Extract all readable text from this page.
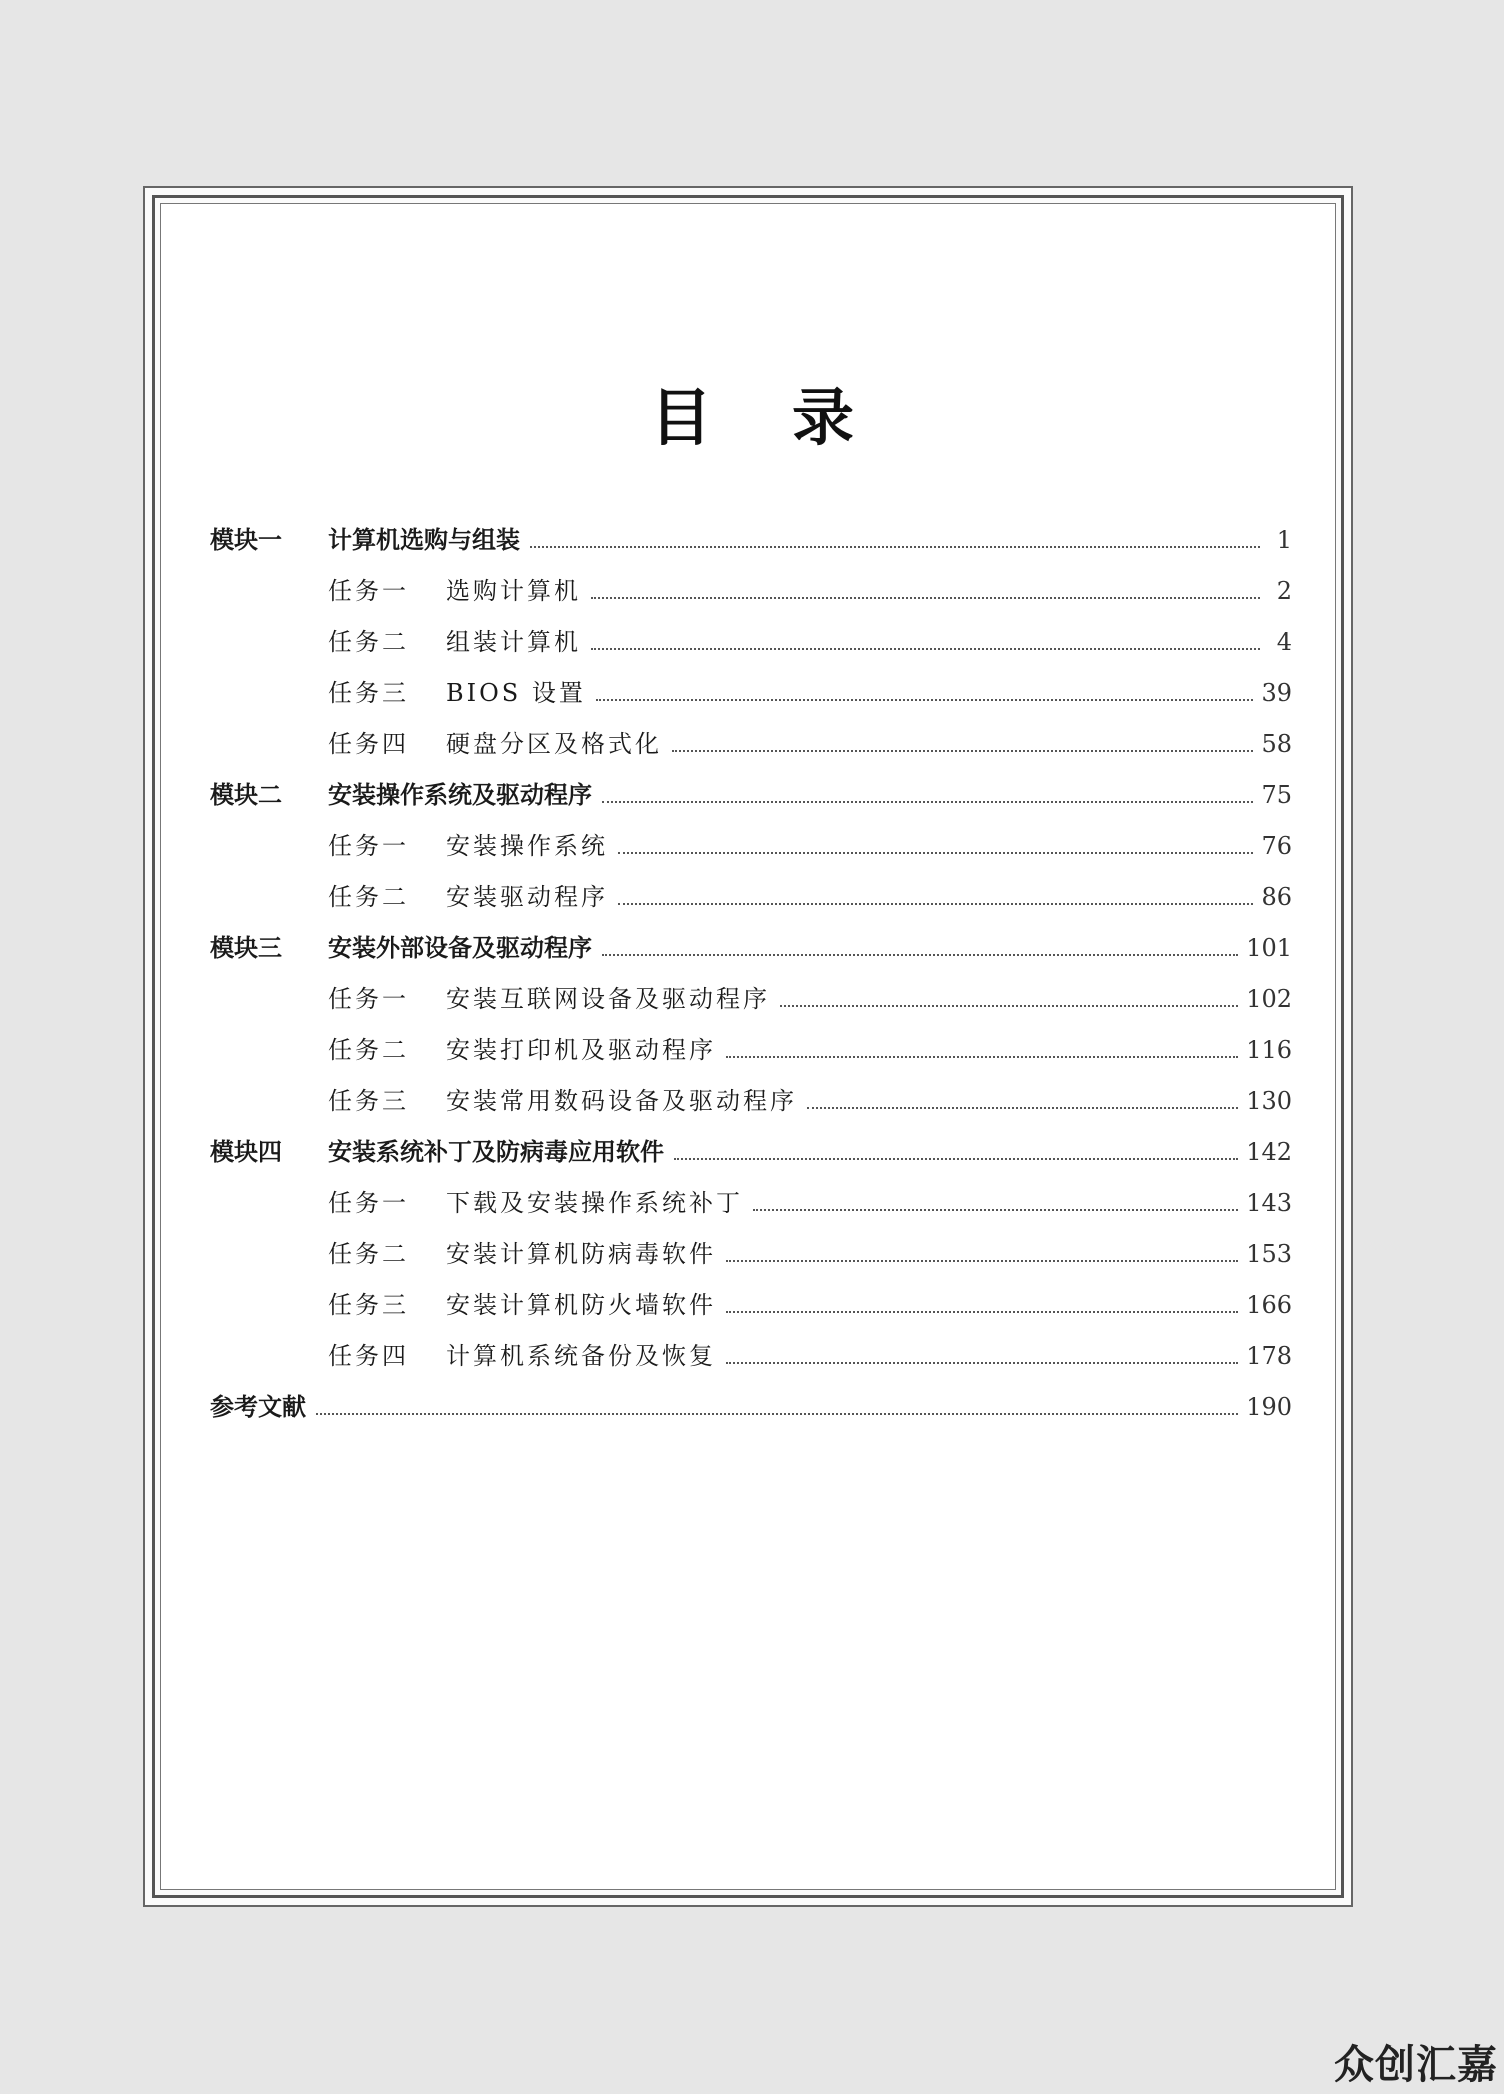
目 录
模块一	计算机选购与组装	1
任务一	选购计算机	2
任务二	组装计算机	4
任务三	BIOS 设置	39
任务四	硬盘分区及格式化	58
模块二	安装操作系统及驱动程序	75
任务一	安装操作系统	76
任务二	安装驱动程序	86
模块三	安装外部设备及驱动程序	101
任务一	安装互联网设备及驱动程序	102
任务二	安装打印机及驱动程序	116
任务三	安装常用数码设备及驱动程序	130
模块四	安装系统补丁及防病毒应用软件	142
任务一	下载及安装操作系统补丁	143
任务二	安装计算机防病毒软件	153
任务三	安装计算机防火墙软件	166
任务四	计算机系统备份及恢复	178
参考文献	190
众创汇嘉
